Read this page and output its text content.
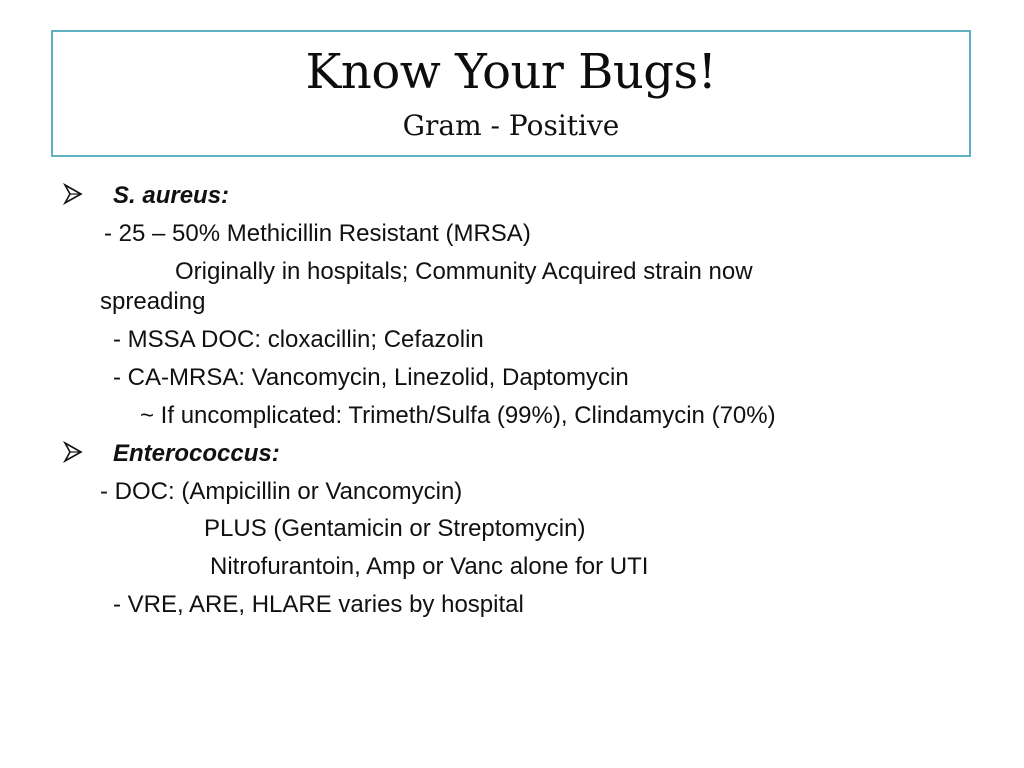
Know Your Bugs!
Gram - Positive
S. aureus:
- 25 – 50% Methicillin Resistant (MRSA)
Originally in hospitals; Community Acquired strain now
spreading
- MSSA DOC: cloxacillin; Cefazolin
- CA-MRSA: Vancomycin, Linezolid, Daptomycin
~ If uncomplicated: Trimeth/Sulfa (99%), Clindamycin (70%)
Enterococcus:
- DOC: (Ampicillin or Vancomycin)
PLUS (Gentamicin or Streptomycin)
Nitrofurantoin, Amp or Vanc alone for UTI
- VRE, ARE, HLARE varies by hospital
